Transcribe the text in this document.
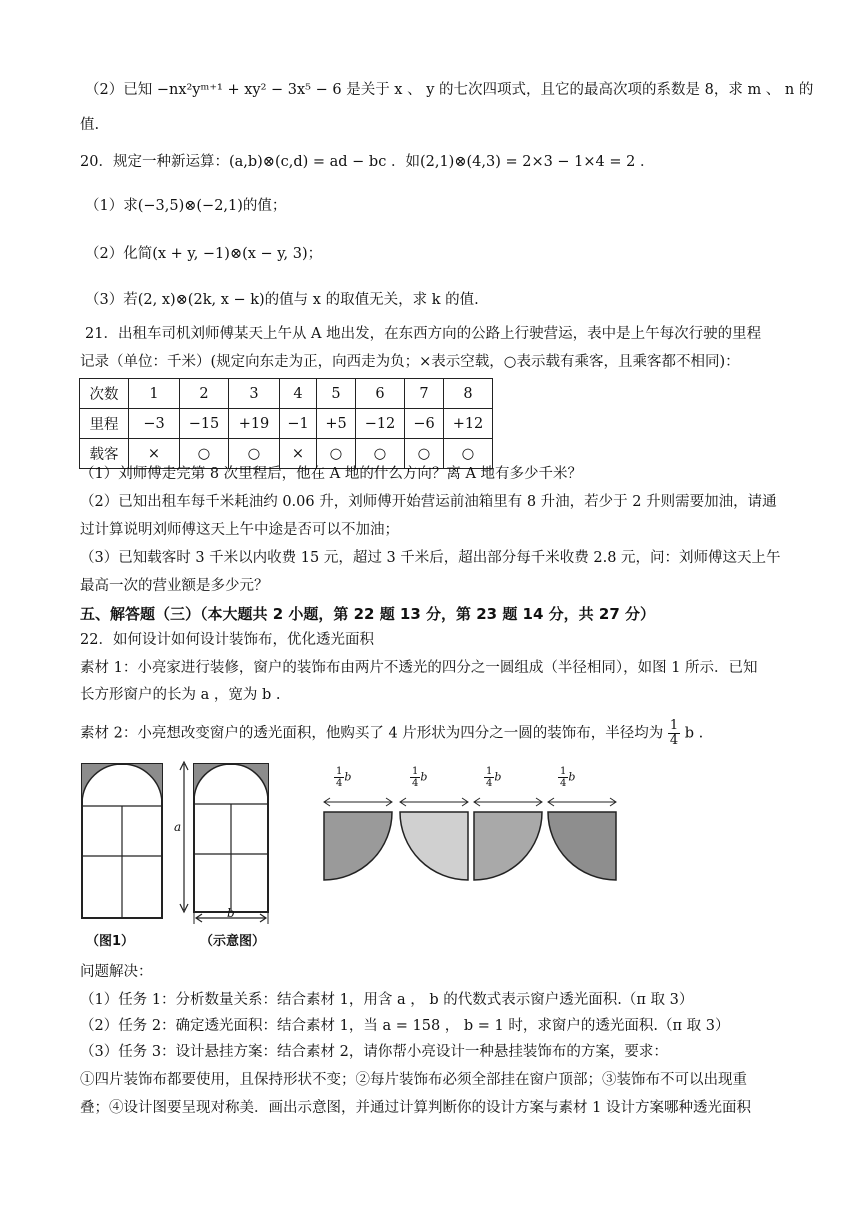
（2）已知 −nx²yᵐ⁺¹ + xy² − 3x⁵ − 6 是关于 x 、 y 的七次四项式，且它的最高次项的系数是 8，求 m 、 n 的
值.
20．规定一种新运算：(a,b)⊗(c,d) = ad − bc ．如(2,1)⊗(4,3) = 2×3 − 1×4 = 2 ．
（1）求(−3,5)⊗(−2,1)的值；
（2）化简(x + y, −1)⊗(x − y, 3)；
（3）若(2, x)⊗(2k, x − k)的值与 x 的取值无关，求 k 的值.
21．出租车司机刘师傅某天上午从 A 地出发，在东西方向的公路上行驶营运，表中是上午每次行驶的里程
记录（单位：千米）(规定向东走为正，向西走为负；×表示空载，○表示载有乘客，且乘客都不相同)：
次数	1	2	3	4	5	6	7	8
里程	−3	−15	+19	−1	+5	−12	−6	+12
载客	×	○	○	×	○	○	○	○
（1）刘师傅走完第 8 次里程后，他在 A 地的什么方向？离 A 地有多少千米？
（2）已知出租车每千米耗油约 0.06 升，刘师傅开始营运前油箱里有 8 升油，若少于 2 升则需要加油，请通
过计算说明刘师傅这天上午中途是否可以不加油；
（3）已知载客时 3 千米以内收费 15 元，超过 3 千米后，超出部分每千米收费 2.8 元，问：刘师傅这天上午
最高一次的营业额是多少元？
五、解答题（三）（本大题共 2 小题，第 22 题 13 分，第 23 题 14 分，共 27 分）
22．如何设计如何设计装饰布，优化透光面积
素材 1：小亮家进行装修，窗户的装饰布由两片不透光的四分之一圆组成（半径相同），如图 1 所示．已知
长方形窗户的长为 a ，宽为 b .
素材 2：小亮想改变窗户的透光面积，他购买了 4 片形状为四分之一圆的装饰布，半径均为 $\frac{1}{4}$ b .
（图1）
a
b
（示意图）
$\frac{1}{4}$ b	$\frac{1}{4}$ b	$\frac{1}{4}$ b	$\frac{1}{4}$ b
问题解决：
（1）任务 1：分析数量关系：结合素材 1，用含 a ， b 的代数式表示窗户透光面积.（π 取 3）
（2）任务 2：确定透光面积：结合素材 1，当 a = 158 ， b = 1 时，求窗户的透光面积.（π 取 3）
（3）任务 3：设计悬挂方案：结合素材 2，请你帮小亮设计一种悬挂装饰布的方案，要求：
①四片装饰布都要使用，且保持形状不变；②每片装饰布必须全部挂在窗户顶部；③装饰布不可以出现重
叠；④设计图要呈现对称美．画出示意图，并通过计算判断你的设计方案与素材 1 设计方案哪种透光面积
